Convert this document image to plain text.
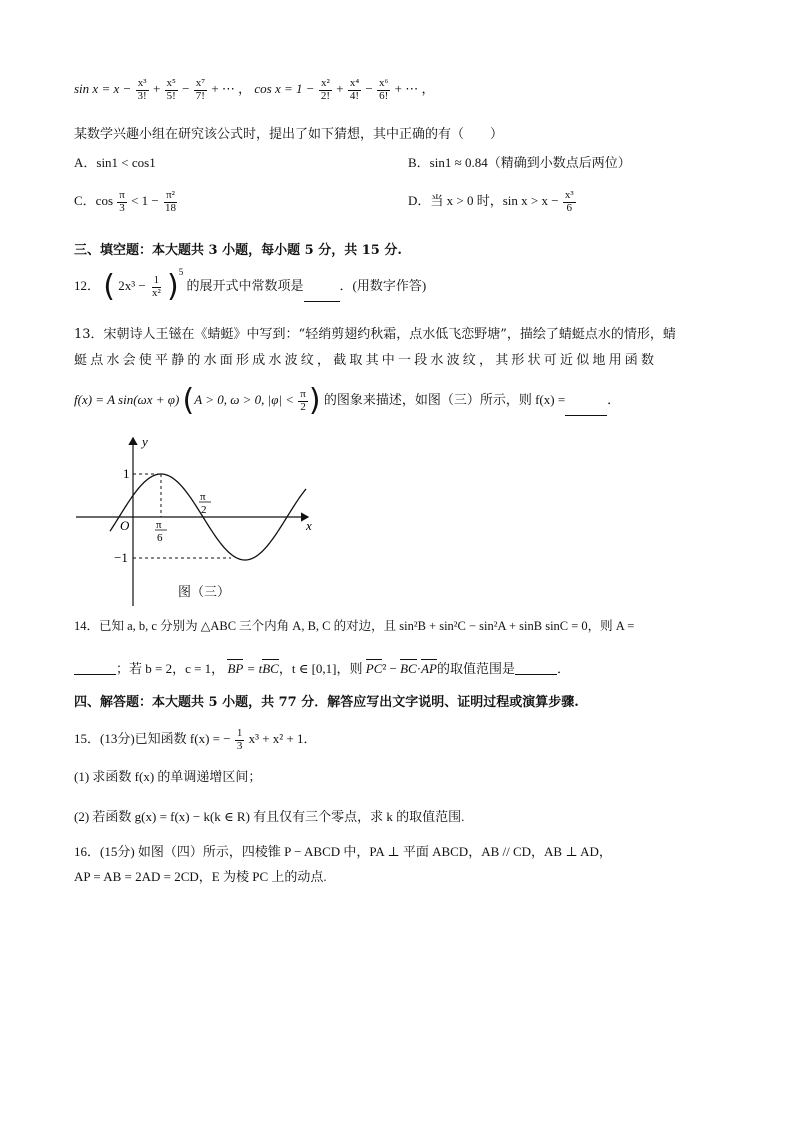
$\sin x = x - \frac{\text{x³}}{3!} + \frac{\text{x⁵}}{5!} - \frac{\text{x⁷}}{7!}$ + ⋯ ， $\cos x = 1 - \frac{\text{x²}}{2!} + \frac{\text{x⁴}}{4!} - \frac{\text{x⁶}}{6!}$ + ⋯ ，
某数学兴趣小组在研究该公式时，提出了如下猜想，其中正确的有（　　）
A．sin1 < cos1	B．sin1 ≈ 0.84（精确到小数点后两位）
C．$\cos \frac{\pi}{3} < 1 - \frac{\text{π²}}{18}$	D．当 x > 0 时，$\sin x > x - \frac{\text{x³}}{6}$
三、填空题：本大题共 3 小题，每小题 5 分，共 15 分.
12． ( $2x^3 - \frac{1}{\text{x²}} )^5$ 的展开式中常数项是	．(用数字作答)
13．宋朝诗人王镃在《蜻蜓》中写到：“轻绡剪翅约秋霜，点水低飞恋野塘”，描绘了蜻蜓点水的情形，蜻
蜓点水会使平静的水面形成水波纹，截取其中一段水波纹，其形状可近似地用函数
f(x) = A sin(ωx + φ) (A > 0, ω > 0, $|\varphi| < \frac{\pi}{2}$ ) 的图象来描述，如图（三）所示，则 f(x) =	．
y
x
O
1
−1
π
6
π
2
图（三）
14．已知 a, b, c 分别为 △ABC 三个内角 A, B, C 的对边，且 sin²B + sin²C − sin²A + sinB sinC = 0，则 A =
；若 b = 2，c = 1， BP = tBC，t ∈ [0,1]，则 PC² − BC·AP的取值范围是	．
四、解答题：本大题共 5 小题，共 77 分．解答应写出文字说明、证明过程或演算步骤.
15．(13分)已知函数 f(x) = − $\frac{1}{3} x^3 + x^2 + 1$．
(1) 求函数 f(x) 的单调递增区间；
(2) 若函数 g(x) = f(x) − k(k ∈ R) 有且仅有三个零点，求 k 的取值范围.
16．(15分) 如图（四）所示，四棱锥 P − ABCD 中，PA ⊥ 平面 ABCD，AB // CD，AB ⊥ AD，
AP = AB = 2AD = 2CD，E 为棱 PC 上的动点.
